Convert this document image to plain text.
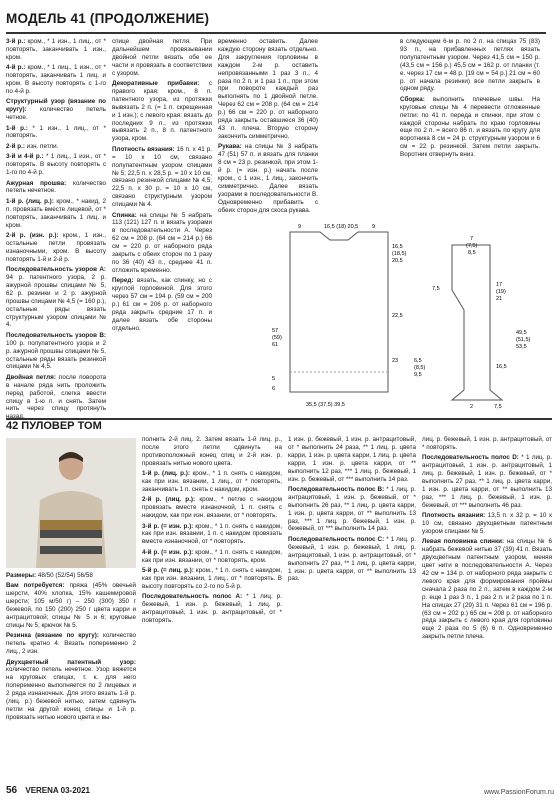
МОДЕЛЬ 41 (ПРОДОЛЖЕНИЕ)

3-й р.: кром., * 1 изн., 1 лиц., от * повторять, заканчивать 1 изн., кром.

4-й р.: кром., * 1 лиц., 1 изн., от * повторять, заканчивать 1 лиц. и кром. В высоту повторять с 1-го по 4-й р.

Структурный узор (вязание по кругу): количество петель четное.

1-й р.: * 1 изн., 1 лиц., от * повторять.

2-й р.: изн. петли.

3-й и 4-й р.: * 1 лиц., 1 изн., от * повторять. В высоту повторять с 1-го по 4-й р.

Ажурная прошва: количество петель нечетное.

1-й р. (лиц. р.): кром., * накид, 2 п. провязать вместе лицевой, от * повторять, заканчивать 1 лиц. и кром.

2-й р. (изн. р.): кром., 1 изн., остальные петли провязать изнаночными, кром. В высоту повторять 1-й и 2-й р.

Последовательность узоров А: 94 р. патентного узора, 2 р. ажурной прошвы спицами № 5, 62 р. резинки и 2 р. ажурной прошвы спицами № 4,5 (= 160 р.), остальные ряды вязать структурным узором спицами № 4.

Последовательность узоров В: 100 р. полупатентного узора и 2 р. ажурной прошвы спицами № 5, остальные ряды вязать резинкой спицами № 4,5.

Двойная петля: после поворота в начале ряда нить проложить перед работой, слегка ввести спицу в 1-ю п. и снять. Затем нить через спицу протянуть назад.

спице двойная петля. При дальнейшем провязывании двойной петли вязать обе ее части и провязать в соответствии с узором.

Декоративные прибавки: с правого края: кром., 8 п. патентного узора, из протяжки вывязать 2 п. (= 1 п. скрещенная и 1 изн.); с левого края: вязать до последних 9 п., из протяжки вывязать 2 п., 8 п. патентного узора, кром.

Плотность вязания: 16 п. х 41 р. = 10 х 10 см, связано полупатентным узором спицами № 5; 22,5 п. х 28,5 р. = 10 х 10 см, связано резинкой спицами № 4,5; 22,5 п. х 30 р. = 10 х 10 см, связано структурным узором спицами № 4.

Спинка: на спицы № 5 набрать 113 (121) 127 п. и вязать узорами в последовательности А. Через 62 см = 208 р. (64 см = 214 р.) 66 см = 220 р. от наборного ряда закрыть с обеих сторон по 1 разу по 36 (40) 43 п., среднее 41 п. отложить временно.

Перед: вязать, как спинку, но с круглой горловиной. Для этого через 57 см = 194 р. (59 см = 200 р.) 61 см = 206 р. от наборного ряда закрыть средние 17 п. и далее вязать обе стороны отдельно.

временно оставить. Далее каждую сторону вязать отдельно. Для закругления горловины в каждом 2-м р. оставить непровязанными 1 раз 3 п., 4 раза по 2 п. и 1 раз 1 п., при этом при повороте каждый раз выполнять по 1 двойной петле. Через 62 см = 208 р. (64 см = 214 р.) 66 см = 220 р. от наборного ряда закрыть оставшиеся 36 (40) 43 п. плеча. Вторую сторону закончить симметрично.

Рукава: на спицы № 3 набрать 47 (51) 57 п. и вязать для планки 8 см = 23 р. резинкой, при этом 1-й р. (= изн. р.) начать после кром., с 1 изн., 1 лиц., закончить симметрично. Далее вязать узорами в последовательности В. Одновременно прибавить с обеих сторон для скоса рукава.

в следующем 6-м р. по 2 п. на спицах 75 (83) 93 п., на прибавленных петлях вязать полупатентным узором. Через 41,5 см = 150 р. (43,5 см = 156 р.) 45,5 см = 162 р. от планки (т. е. через 17 см = 48 р. [19 см = 54 р.] 21 см = 60 р. от начала резинки) все петли закрыть в одном ряду.

Сборка: выполнить плечевые швы. На круговые спицы № 4 перевести отложенные петли: по 41 п. переда и спинки, при этом с каждой стороны набрать по краю горловины еще по 2 п. = всего 86 п. и вязать по кругу для воротника 8 см = 24 р. структурным узором и 6 см = 22 р. резинкой. Затем петли закрыть. Воротник отвернуть вниз.

9	16,5 (18) 20,5	9
16,5
(18,5)
20,5
22,5
23
57
(59)
61
5
6
35,5 (37,5) 39,5
7
(7,5)
8,5
17
(19)
21
49,5
(51,5)
53,5
16,5
6,5
(8,5)
9,5
7,5
2	7,5
42 ПУЛОВЕР ТОМ

Размеры: 48/50 (52/54) 56/58

Вам потребуется: пряжа (45% овечьей шерсти, 40% хлопка, 15% кашемировой шерсти; 105 м/50 г) – 250 (300) 350 г бежевой, по 150 (200) 250 г цвета карри и антрацитовой; спицы № 5 и 6; круговые спицы № 5; крючок № 5.

Резинка (вязание по кругу): количество петель кратно 4. Вязать попеременно 2 лиц., 2 изн.

Двухцветный патентный узор: количество петель нечетное. Узор вяжется на круговых спицах, т. к. для него попеременно выполняется по 2 лицевых и 2 ряда изнаночных. Для этого вязать 1-й р. (лиц. р.) бежевой нитью, затем сдвинуть петли на другой конец спицы и 1-й р. провязать нитью нового цвета и вы-

полнить 2-й лиц. 2. Затем вязать 1-й лиц. р., после этого петли сдвинуть на противоположный конец спиц и 2-й изн. р. провязать нитью нового цвета.

1-й р. (лиц. р.): кром., * 1 п. снять с накидом, как при изн. вязании, 1 лиц., от * повторять, заканчивать 1 п. снять с накидом, кром.

2-й р. (лиц. р.): кром., * петлю с накидом провязать вместе изнаночной, 1 п. снять с накидом, как при изн. вязании, от * повторять.

3-й р. (= изн. р.): кром., * 1 п. снять с накидом, как при изн. вязании, 1 п. с накидом провязать вместе изнаночной, от * повторять.

4-й р. (= изн. р.): кром., * 1 п. снять с накидом, как при изн. вязании, от * повторять, кром.

5-й р. (= лиц. р.): кром., * 1 п. снять с накидом, как при изн. вязании, 1 лиц., от * повторять. В высоту повторять со 2-го по 5-й р.

Последовательность полос А: * 1 лиц. р. бежевый, 1 изн. р. бежевый, 1 лиц. р. антрацитовый, 1 изн. р. антрацитовый, от * повторять.

1 изн. р. бежевый, 1 изн. р. антрацитовый, от * выполнить 24 раза, ** 1 лиц. р. цвета карри, 1 изн. р. цвета карри, 1 лиц. р. цвета карри, 1 изн. р. цвета карри, от ** выполнить 12 раз, *** 1 лиц. р. бежевый, 1 изн. р. бежевый, от *** выполнить 14 раз.

Последовательность полос В: * 1 лиц. р. антрацитовый, 1 изн. р. бежевый, от * выполнить 26 раз, ** 1 лиц. р. цвета карри, 1 изн. р. цвета карри, от ** выполнить 13 раз, *** 1 лиц. р. бежевый, 1 изн. р. бежевый, от *** выполнить 14 раз.

Последовательность полос С: * 1 лиц. р. бежевый, 1 изн. р. бежевый, 1 лиц. р. антрацитовый, 1 изн. р. антрацитовый, от * выполнить 27 раз, ** 1 лиц. р. цвета карри, 1 изн. р. цвета карри, от ** выполнить 13 раз.

лиц. р. бежевый, 1 изн. р. антрацитовый, от * повторять.

Последовательность полос D: * 1 лиц. р. антрацитовый, 1 изн. р. антрацитовый, 1 лиц. р. бежевый, 1 изн. р. бежевый, от * выполнить 27 раз, ** 1 лиц. р. цвета карри, 1 изн. р. цвета карри, от ** выполнить 13 раз, *** 1 лиц. р. бежевый, 1 изн. р. бежевый, от *** выполнить 46 раз.

Плотность вязания: 13,5 п. х 32 р. = 10 х 10 см, связано двухцветным патентным узором спицами № 5.

Левая половинка спинки: на спицы № 6 набрать бежевой нитью 37 (39) 41 п. Вязать двухцветным патентным узором, меняя цвет нити в последовательности А. Через 42 см = 134 р. от наборного ряда закрыть с левого края для формирования проймы сначала 2 раза по 2 п., затем в каждом 2-м р. еще 1 раз 3 п., 1 раз 2 п. и 2 раза по 1 п. На спицах 27 (29) 31 п. Через 61 см = 196 р. (63 см = 202 р.) 65 см = 208 р. от наборного ряда закрыть с левого края для горловины еще 2 раза по 5 (6) 6 п. Одновременно закрыть петли плеча.

56 VERENA 03-2021	www.PassionForum.ru
